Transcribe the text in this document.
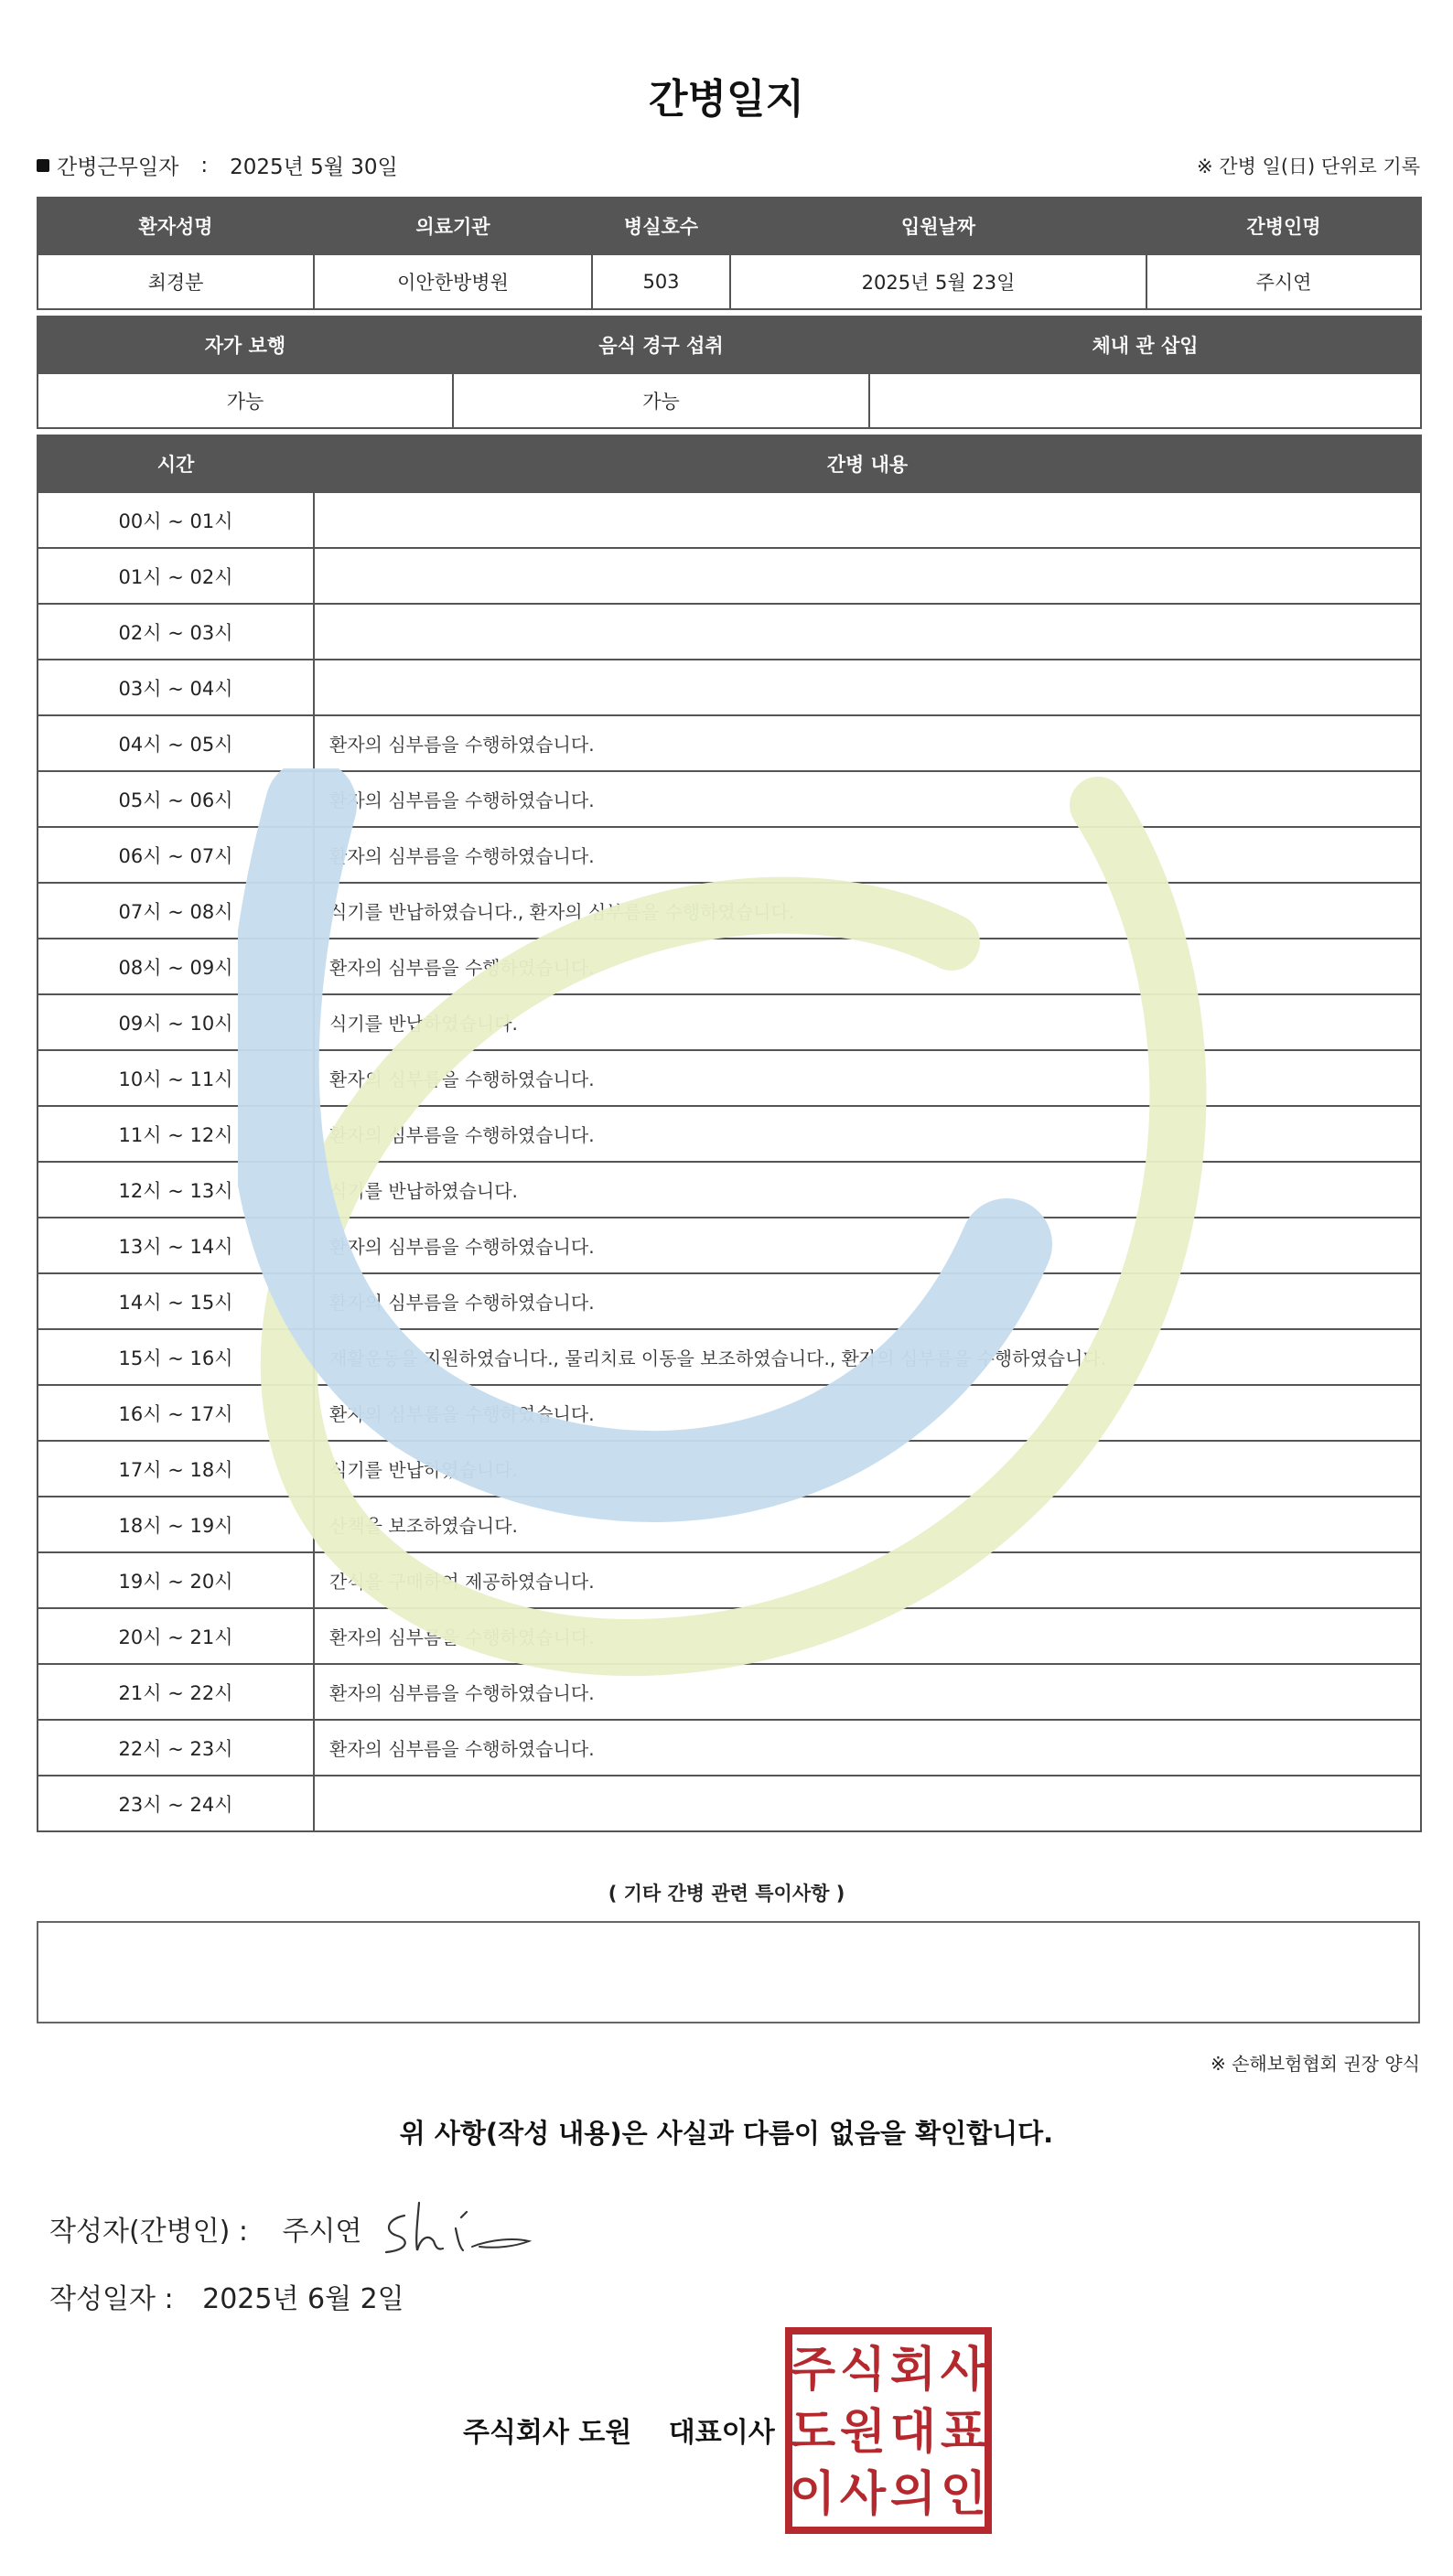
간병일지
간병근무일자 : 2025년 5월 30일	※ 간병 일(日) 단위로 기록
환자성명	의료기관	병실호수	입원날짜	간병인명
최경분	이안한방병원	503	2025년 5월 23일	주시연
자가 보행	음식 경구 섭취	체내 관 삽입
가능	가능	
시간	간병 내용
00시 ~ 01시	
01시 ~ 02시	
02시 ~ 03시	
03시 ~ 04시	
04시 ~ 05시	환자의 심부름을 수행하였습니다.
05시 ~ 06시	환자의 심부름을 수행하였습니다.
06시 ~ 07시	환자의 심부름을 수행하였습니다.
07시 ~ 08시	식기를 반납하였습니다., 환자의 심부름을 수행하였습니다.
08시 ~ 09시	환자의 심부름을 수행하였습니다.
09시 ~ 10시	식기를 반납하였습니다.
10시 ~ 11시	환자의 심부름을 수행하였습니다.
11시 ~ 12시	환자의 심부름을 수행하였습니다.
12시 ~ 13시	식기를 반납하였습니다.
13시 ~ 14시	환자의 심부름을 수행하였습니다.
14시 ~ 15시	환자의 심부름을 수행하였습니다.
15시 ~ 16시	재활운동을 지원하였습니다., 물리치료 이동을 보조하였습니다., 환자의 심부름을 수행하였습니다.
16시 ~ 17시	환자의 심부름을 수행하였습니다.
17시 ~ 18시	식기를 반납하였습니다.
18시 ~ 19시	산책을 보조하였습니다.
19시 ~ 20시	간식을 구매하여 제공하였습니다.
20시 ~ 21시	환자의 심부름을 수행하였습니다.
21시 ~ 22시	환자의 심부름을 수행하였습니다.
22시 ~ 23시	환자의 심부름을 수행하였습니다.
23시 ~ 24시	
( 기타 간병 관련 특이사항 )
※ 손해보험협회 권장 양식
위 사항(작성 내용)은 사실과 다름이 없음을 확인합니다.
작성자(간병인) : 주시연
작성일자 : 2025년 6월 2일
주식회사 도원 대표이사
주 식 회 사
도 원 대 표
이 사 의 인
